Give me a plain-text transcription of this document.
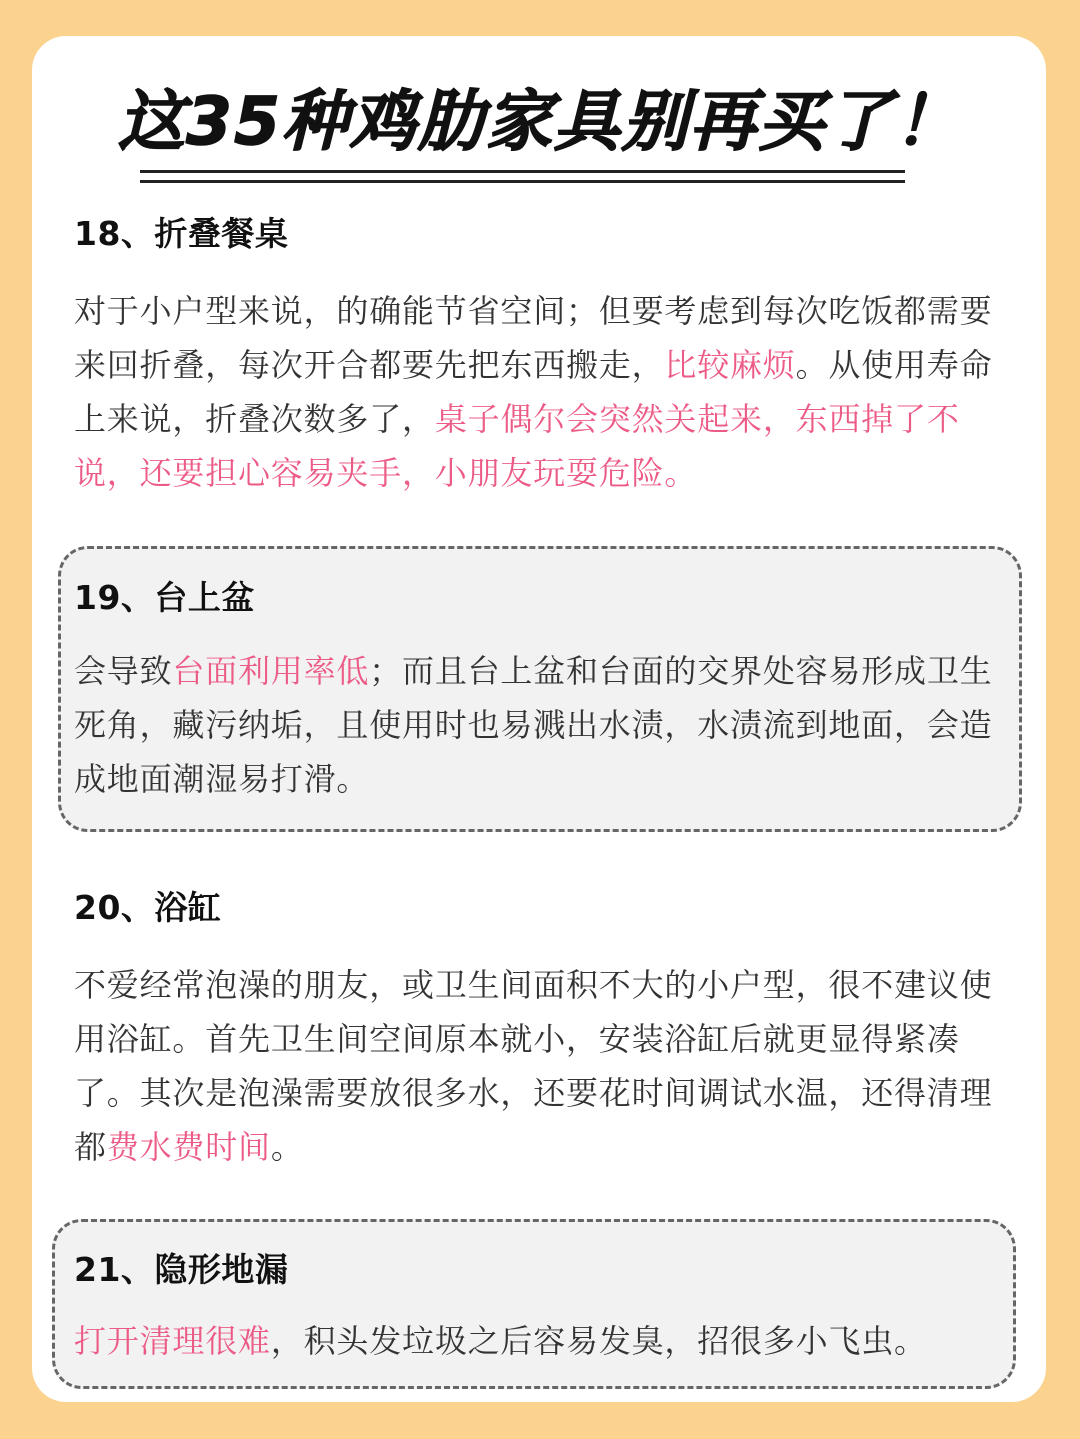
这35种鸡肋家具别再买了！
18、折叠餐桌

对于小户型来说，的确能节省空间；但要考虑到每次吃饭都需要来回折叠，每次开合都要先把东西搬走，比较麻烦。从使用寿命上来说，折叠次数多了，桌子偶尔会突然关起来，东西掉了不说，还要担心容易夹手，小朋友玩耍危险。

19、台上盆

会导致台面利用率低；而且台上盆和台面的交界处容易形成卫生死角，藏污纳垢，且使用时也易溅出水渍，水渍流到地面，会造成地面潮湿易打滑。

20、浴缸

不爱经常泡澡的朋友，或卫生间面积不大的小户型，很不建议使用浴缸。首先卫生间空间原本就小，安装浴缸后就更显得紧凑了。其次是泡澡需要放很多水，还要花时间调试水温，还得清理都费水费时间。

21、隐形地漏

打开清理很难，积头发垃圾之后容易发臭，招很多小飞虫。
